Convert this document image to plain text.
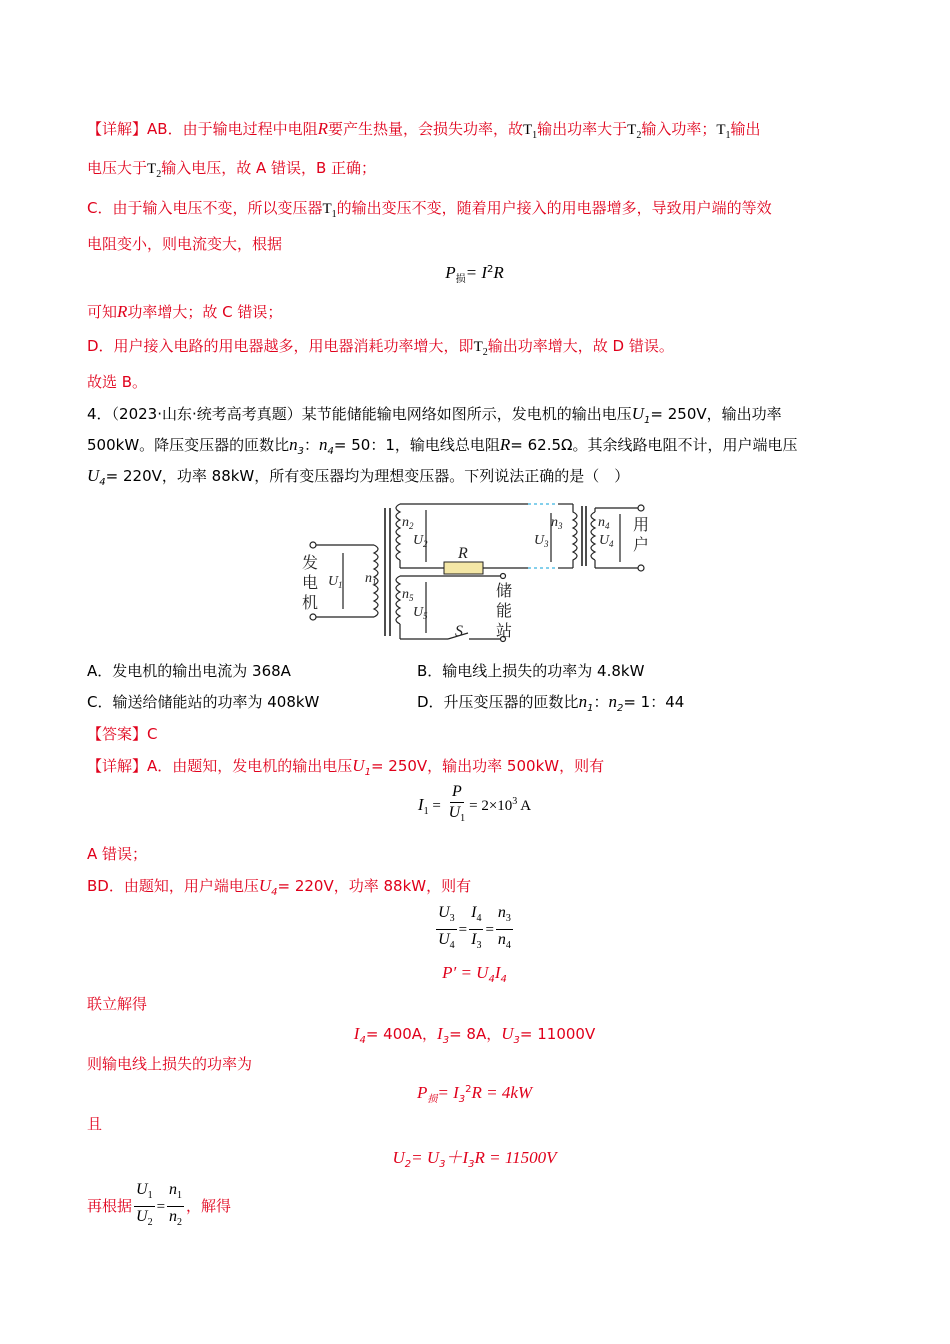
【详解】AB．由于输电过程中电阻R要产生热量，会损失功率，故$T_1$输出功率大于$T_2$输入功率；$T_1$输出
电压大于$T_2$输入电压，故 A 错误，B 正确；
C．由于输入电压不变，所以变压器$T_1$的输出变压不变，随着用户接入的用电器增多，导致用户端的等效
电阻变小，则电流变大，根据
$P_损= I^2R$
可知R功率增大；故 C 错误；
D．用户接入电路的用电器越多，用电器消耗功率增大，即$T_2$输出功率增大，故 D 错误。
故选 B。
4．（2023·山东·统考高考真题）某节能储能输电网络如图所示，发电机的输出电压$U_1= 250V$，输出功率
500kW。降压变压器的匝数比$n_3$：$n_4= 50$：1，输电线总电阻R= 62.5Ω。其余线路电阻不计，用户端电压
$U_4= 220V$，功率 88kW，所有变压器均为理想变压器。下列说法正确的是（　）
发
电
机
用
户
储
能
站
R
S
n 1
n 2	n 3	n 4
n 5
U 1
U 2	U 3	U 4
U 5
A．发电机的输出电流为 368A	B．输电线上损失的功率为 4.8kW
C．输送给储能站的功率为 408kW	D．升压变压器的匝数比$n_1$：$n_2= 1$：44
【答案】C
【详解】A．由题知，发电机的输出电压$U_1= 250V$，输出功率 500kW，则有
$I_1 = \frac{P}{U_1} = 2\times 10^3$ A
A 错误；
BD．由题知，用户端电压$U_4= 220V$，功率 88kW，则有
$\frac{U_3}{U_4} = \frac{I_4}{I_3} = \frac{n_3}{n_4}$
$P' = U_4I_4$
联立解得
$I_4= 400A$，$I_3= 8A$，$U_3= 11000V$
则输电线上损失的功率为
$P_损= I_3^2R = 4kW$
且
$U_2= U_3+I_3R = 11500V$
再根据 $\frac{U_1}{U_2} = \frac{n_1}{n_2}$ ，解得
